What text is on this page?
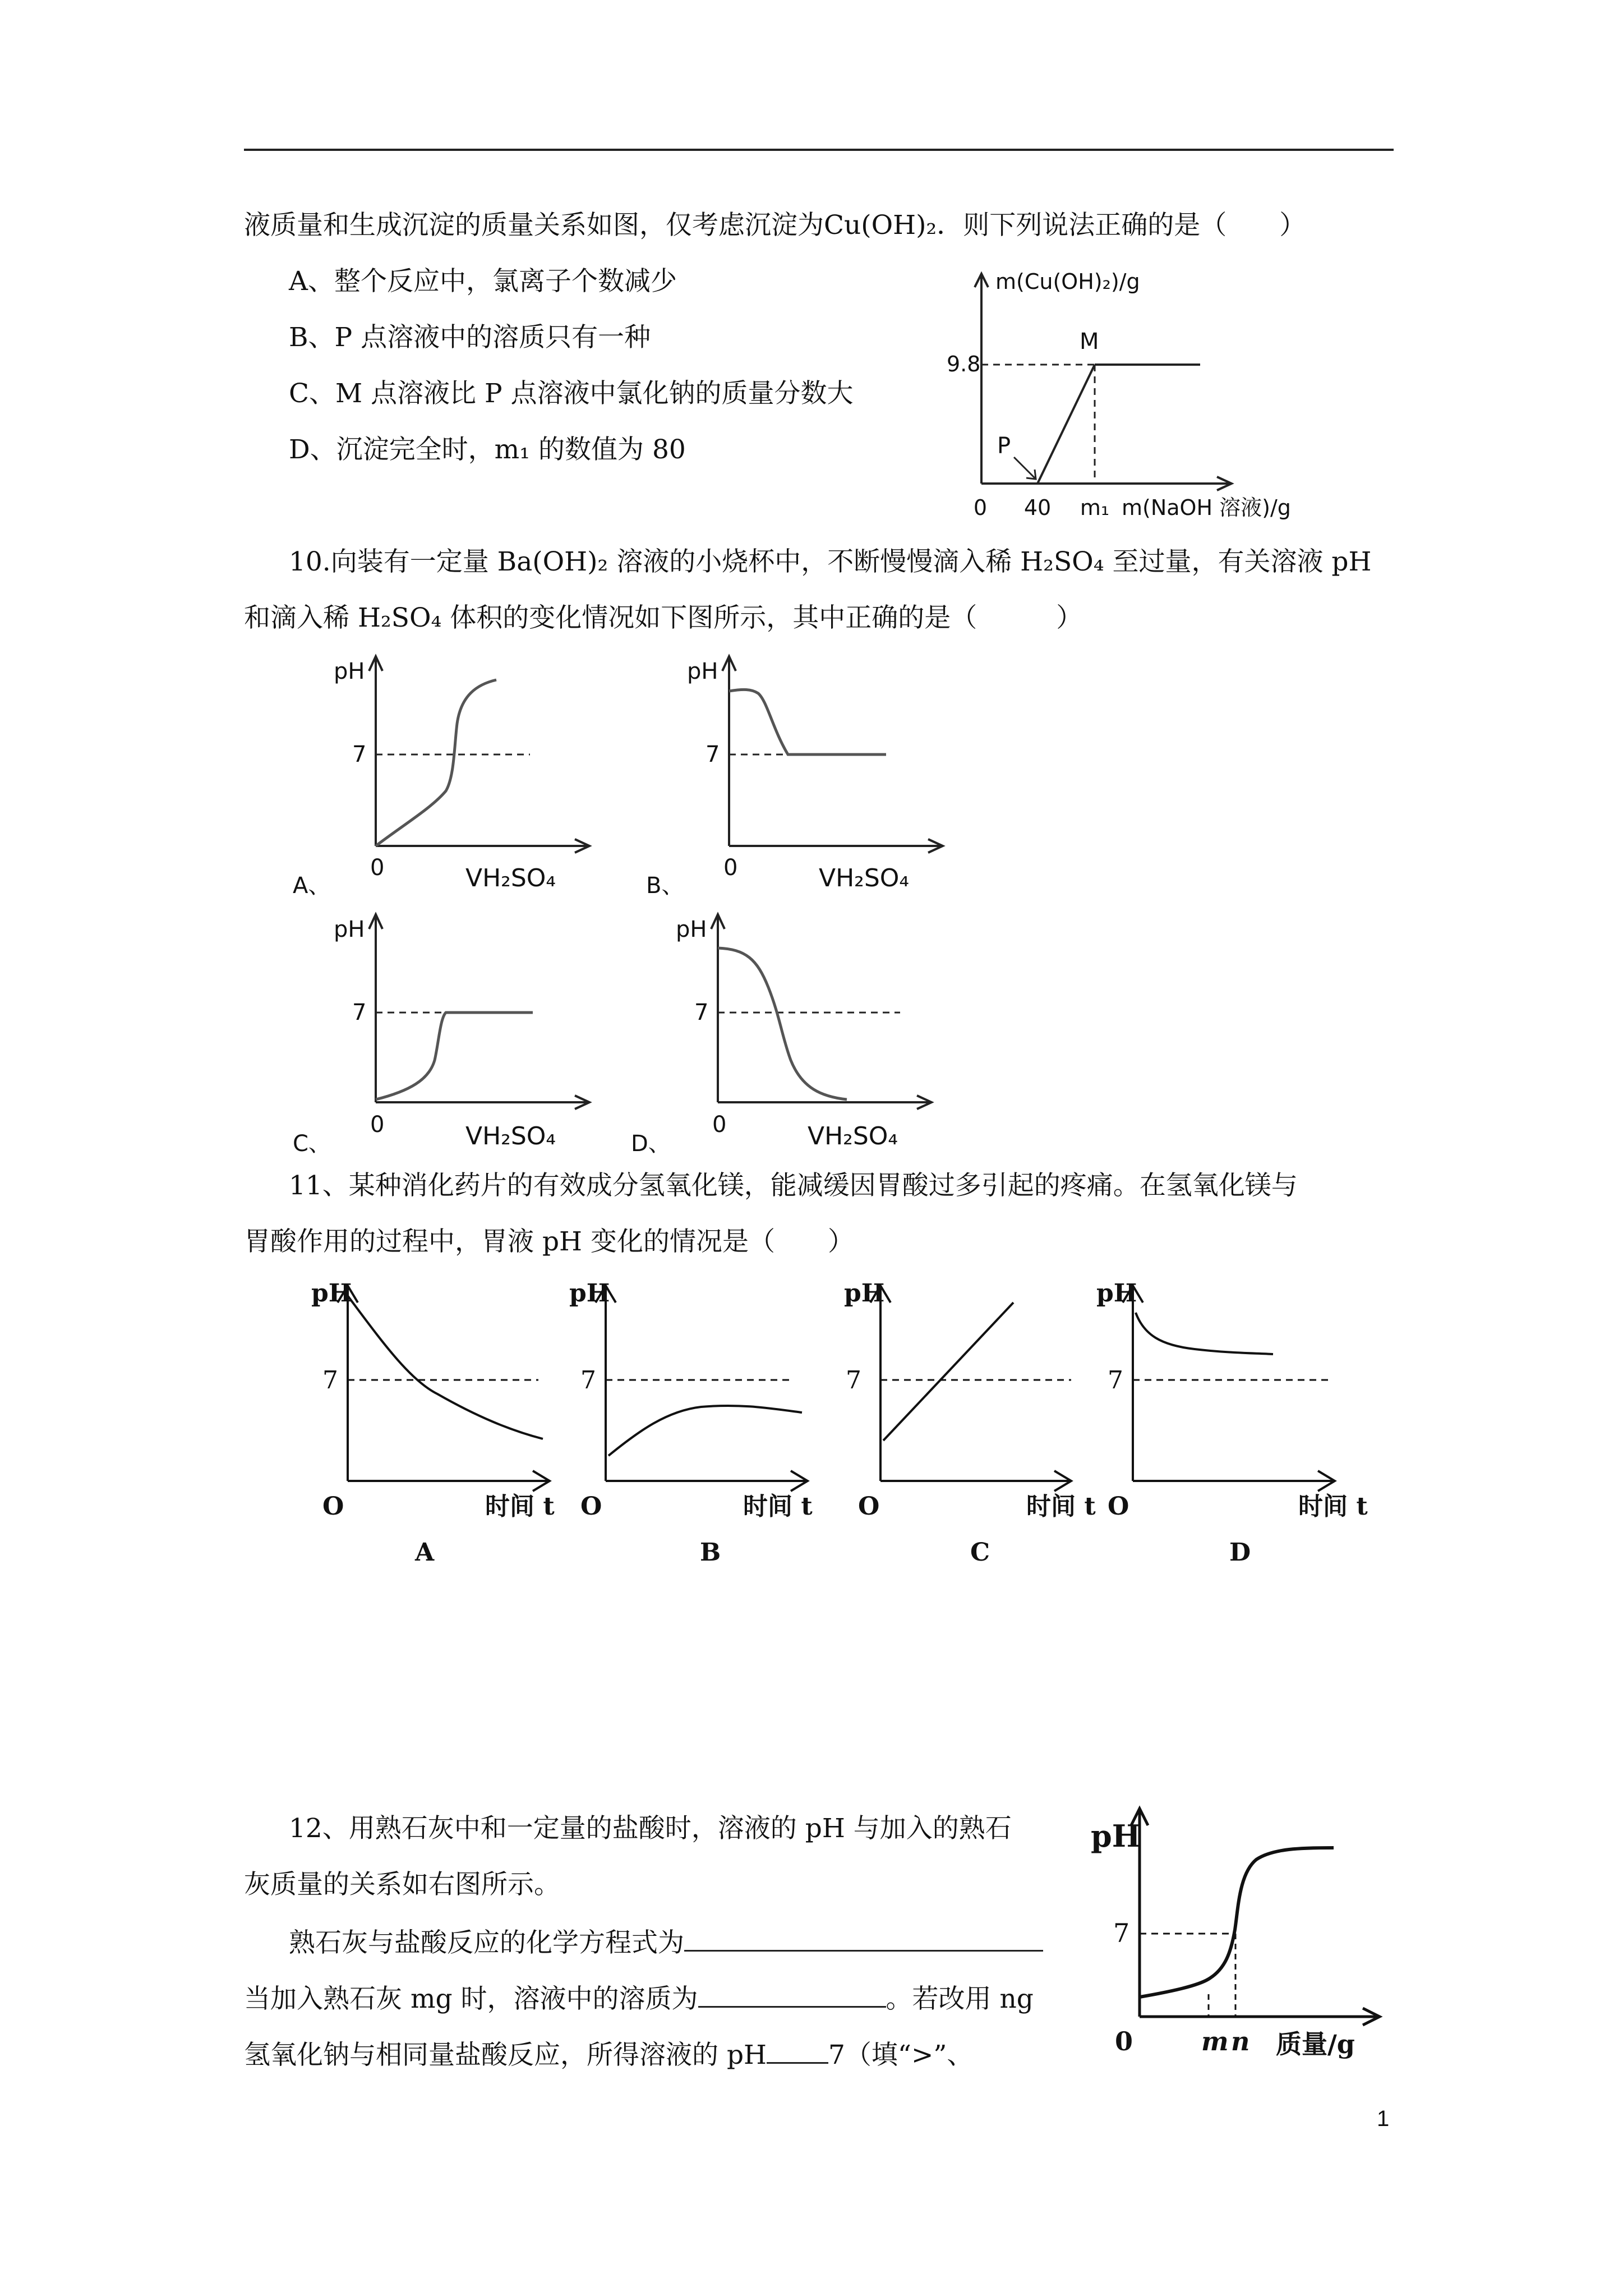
液质量和生成沉淀的质量关系如图，仅考虑沉淀为Cu(OH)₂．则下列说法正确的是（　　）
A、整个反应中，氯离子个数减少
B、P 点溶液中的溶质只有一种
C、M 点溶液比 P 点溶液中氯化钠的质量分数大
D、沉淀完全时，m₁ 的数值为 80
m(Cu(OH)₂)/g
9.8
M
P
0 40 m₁ m(NaOH 溶液)/g
10.向装有一定量 Ba(OH)₂ 溶液的小烧杯中，不断慢慢滴入稀 H₂SO₄ 至过量，有关溶液 pH
和滴入稀 H₂SO₄ 体积的变化情况如下图所示，其中正确的是（　　　）
pH
7
0	VH₂SO₄
A、
pH
7
0	VH₂SO₄
B、
pH
7
0	VH₂SO₄
C、
pH
7
0	VH₂SO₄
D、
11、某种消化药片的有效成分氢氧化镁，能减缓因胃酸过多引起的疼痛。在氢氧化镁与
胃酸作用的过程中，胃液 pH 变化的情况是（　　）
pH
7
O	时间 t
A
pH
7
O	时间 t
B
pH
7
O	时间 t
C
pH
7
O	时间 t
D
12、用熟石灰中和一定量的盐酸时，溶液的 pH 与加入的熟石
灰质量的关系如右图所示。
熟石灰与盐酸反应的化学方程式为
当加入熟石灰 mg 时，溶液中的溶质为	。若改用 ng
氢氧化钠与相同量盐酸反应，所得溶液的 pH 7（填“>”、
pH
7
0	m n 质量/g
1
